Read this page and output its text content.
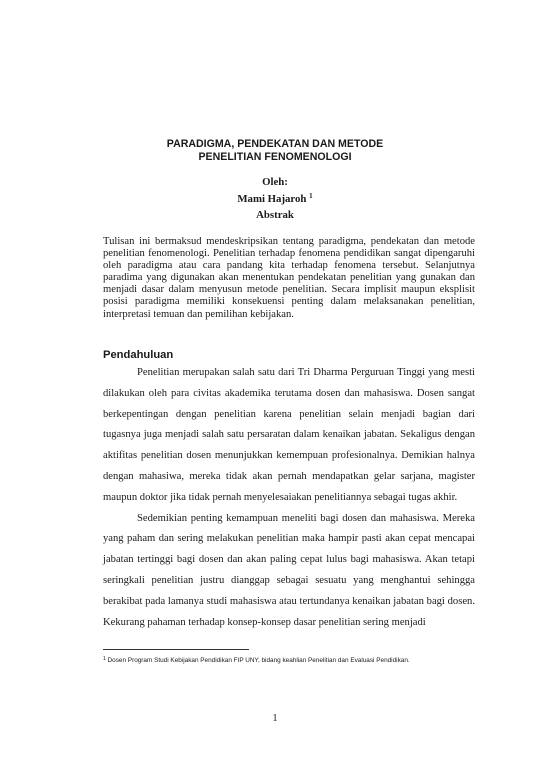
PARADIGMA, PENDEKATAN DAN METODE
PENELITIAN FENOMENOLOGI
Oleh:
Mami Hajaroh $^1$
Abstrak

Tulisan ini bermaksud mendeskripsikan tentang paradigma, pendekatan dan metode penelitian fenomenologi. Penelitian terhadap fenomena pendidikan sangat dipengaruhi oleh paradigma atau cara pandang kita terhadap fenomena tersebut. Selanjutnya paradima yang digunakan akan menentukan pendekatan penelitian yang gunakan dan menjadi dasar dalam menyusun metode penelitian. Secara implisit maupun eksplisit posisi paradigma memiliki konsekuensi penting dalam melaksanakan penelitian, interpretasi temuan dan pemilihan kebijakan.

Pendahuluan

Penelitian merupakan salah satu dari Tri Dharma Perguruan Tinggi yang mesti dilakukan oleh para civitas akademika terutama dosen dan mahasiswa. Dosen sangat berkepentingan dengan penelitian karena penelitian selain menjadi bagian dari tugasnya juga menjadi salah satu persaratan dalam kenaikan jabatan. Sekaligus dengan aktifitas penelitian dosen menunjukkan kemempuan profesionalnya. Demikian halnya dengan mahasiwa, mereka tidak akan pernah mendapatkan gelar sarjana, magister maupun doktor jika tidak pernah menyelesaiakan penelitiannya sebagai tugas akhir.

Sedemikian penting kemampuan meneliti bagi dosen dan mahasiswa. Mereka yang paham dan sering melakukan penelitian maka hampir pasti akan cepat mencapai jabatan tertinggi bagi dosen dan akan paling cepat lulus bagi mahasiswa. Akan tetapi seringkali penelitian justru dianggap sebagai sesuatu yang menghantui sehingga berakibat pada lamanya studi mahasiswa atau tertundanya kenaikan jabatan bagi dosen. Kekurang pahaman terhadap konsep-konsep dasar penelitian sering menjadi

$^1$ Dosen Program Studi Kebijakan Pendidikan FIP UNY, bidang keahlian Penelitian dan Evaluasi Pendidikan.
1
